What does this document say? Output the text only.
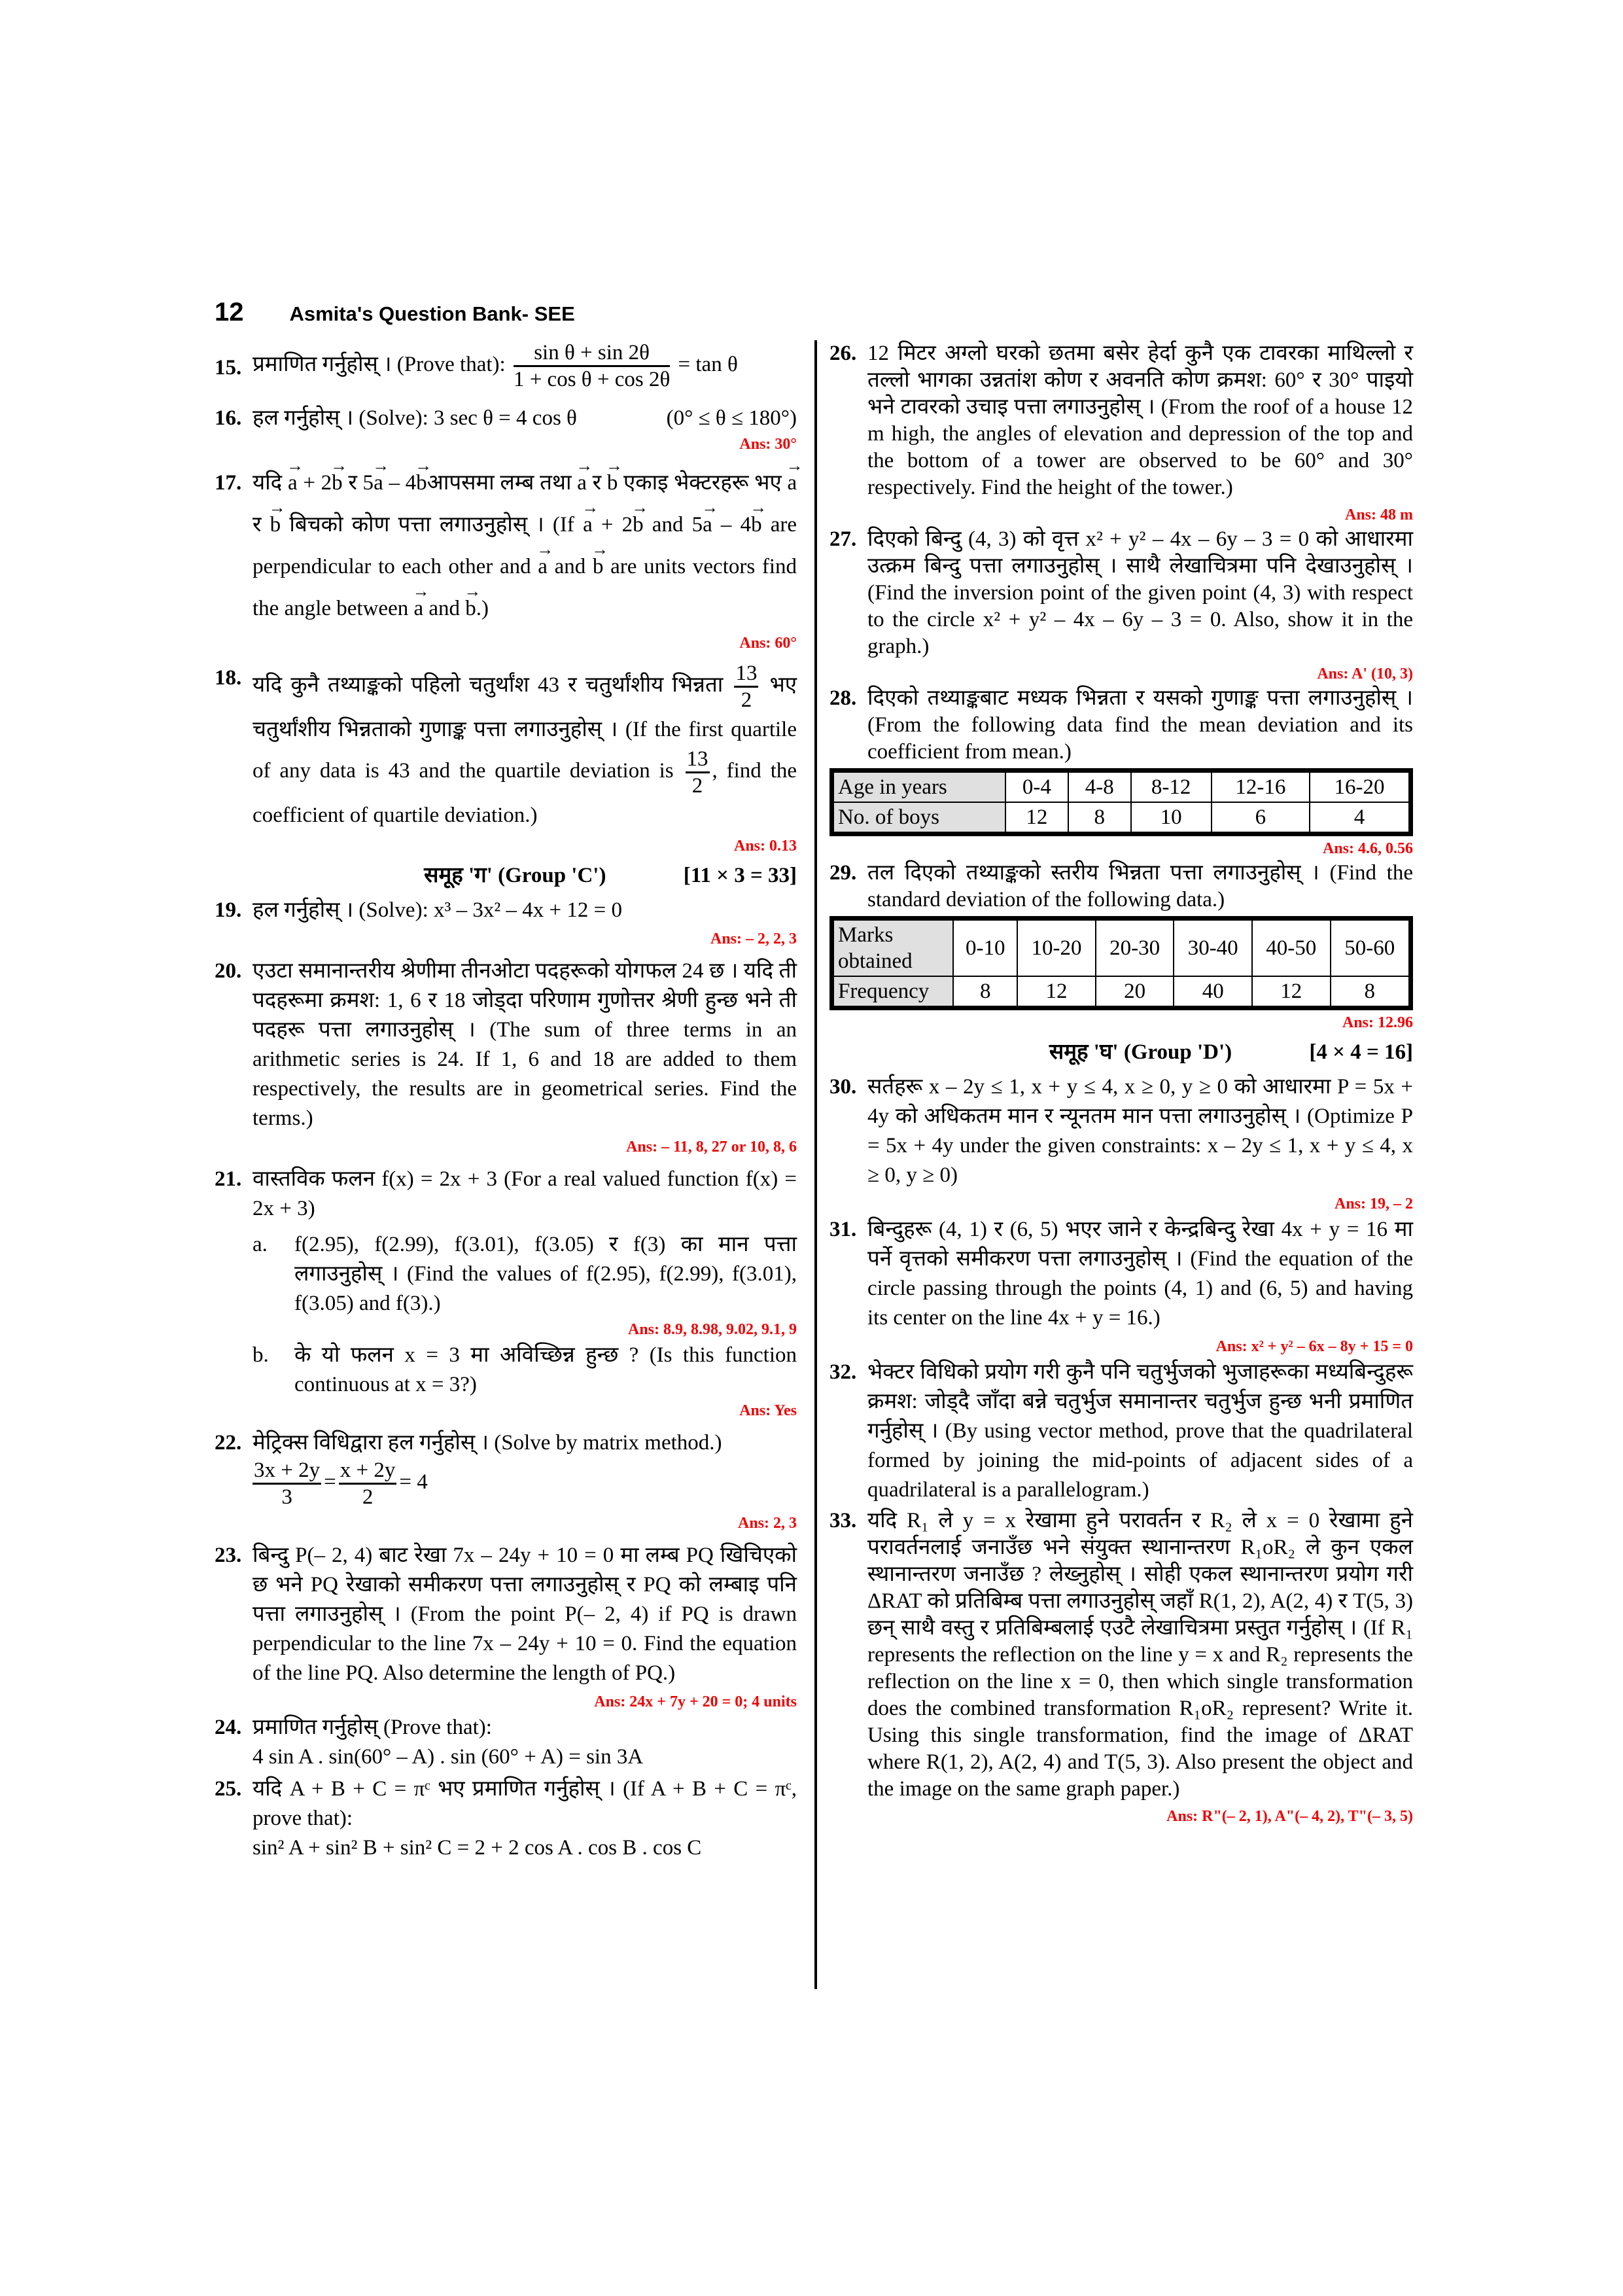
12 Asmita's Question Bank- SEE
15. प्रमाणित गर्नुहोस् । (Prove that): $\frac{\text{sin θ + sin 2θ}}{\text{1 + cos θ + cos 2θ}} = \tan \theta$
16. हल गर्नुहोस् । (Solve): 3 sec θ = 4 cos θ	(0° ≤ θ ≤ 180°)
Ans: 30°
17. यदि → a + 2→ b र 5→ a – 4→ bआपसमा लम्ब तथा → a र → b एकाइ भेक्टरहरू भए → a र → b बिचको कोण पत्ता लगाउनुहोस् । (If → a + 2→ b and 5→ a – 4→ b are perpendicular to each other and → a and → b are units vectors find the angle between → a and → b.)
Ans: 60°
18. यदि कुनै तथ्याङ्कको पहिलो चतुर्थांश 43 र चतुर्थांशीय भिन्नता $\frac{13}{2}$ भए चतुर्थांशीय भिन्नताको गुणाङ्क पत्ता लगाउनुहोस् । (If the first quartile of any data is 43 and the quartile deviation is $\frac{13}{2}$ , find the coefficient of quartile deviation.)
Ans: 0.13
समूह 'ग' (Group 'C')	[11 × 3 = 33]
19. हल गर्नुहोस् । (Solve): x³ – 3x² – 4x + 12 = 0
Ans: – 2, 2, 3
20. एउटा समानान्तरीय श्रेणीमा तीनओटा पदहरूको योगफल 24 छ । यदि ती पदहरूमा क्रमश: 1, 6 र 18 जोड्दा परिणाम गुणोत्तर श्रेणी हुन्छ भने ती पदहरू पत्ता लगाउनुहोस् । (The sum of three terms in an arithmetic series is 24. If 1, 6 and 18 are added to them respectively, the results are in geometrical series. Find the terms.)
Ans: – 11, 8, 27 or 10, 8, 6
21. वास्तविक फलन f(x) = 2x + 3 (For a real valued function f(x) = 2x + 3)
a. f(2.95), f(2.99), f(3.01), f(3.05) र f(3) का मान पत्ता लगाउनुहोस् । (Find the values of f(2.95), f(2.99), f(3.01), f(3.05) and f(3).)
Ans: 8.9, 8.98, 9.02, 9.1, 9
b. के यो फलन x = 3 मा अविच्छिन्न हुन्छ ? (Is this function continuous at x = 3?)
Ans: Yes
22. मेट्रिक्स विधिद्वारा हल गर्नुहोस् । (Solve by matrix method.)

$\frac{3x + 2y}{3} = \frac{x + 2y}{2} = 4$
Ans: 2, 3
23. बिन्दु P(– 2, 4) बाट रेखा 7x – 24y + 10 = 0 मा लम्ब PQ खिचिएको छ भने PQ रेखाको समीकरण पत्ता लगाउनुहोस् र PQ को लम्बाइ पनि पत्ता लगाउनुहोस् । (From the point P(– 2, 4) if PQ is drawn perpendicular to the line 7x – 24y + 10 = 0. Find the equation of the line PQ. Also determine the length of PQ.)
Ans: 24x + 7y + 20 = 0; 4 units
24. प्रमाणित गर्नुहोस् (Prove that):
4 sin A . sin(60° – A) . sin (60° + A) = sin 3A
25. यदि A + B + C = πᶜ भए प्रमाणित गर्नुहोस् । (If A + B + C = πᶜ, prove that):
sin² A + sin² B + sin² C = 2 + 2 cos A . cos B . cos C
26. 12 मिटर अग्लो घरको छतमा बसेर हेर्दा कुनै एक टावरका माथिल्लो र तल्लो भागका उन्नतांश कोण र अवनति कोण क्रमश: 60° र 30° पाइयो भने टावरको उचाइ पत्ता लगाउनुहोस् । (From the roof of a house 12 m high, the angles of elevation and depression of the top and the bottom of a tower are observed to be 60° and 30° respectively. Find the height of the tower.)
Ans: 48 m
27. दिएको बिन्दु (4, 3) को वृत्त x² + y² – 4x – 6y – 3 = 0 को आधारमा उत्क्रम बिन्दु पत्ता लगाउनुहोस् । साथै लेखाचित्रमा पनि देखाउनुहोस् । (Find the inversion point of the given point (4, 3) with respect to the circle x² + y² – 4x – 6y – 3 = 0. Also, show it in the graph.)
Ans: A' (10, 3)
28. दिएको तथ्याङ्कबाट मध्यक भिन्नता र यसको गुणाङ्क पत्ता लगाउनुहोस् । (From the following data find the mean deviation and its coefficient from mean.)
Age in years	0-4	4-8	8-12	12-16	16-20
No. of boys	12	8	10	6	4
Ans: 4.6, 0.56
29. तल दिएको तथ्याङ्कको स्तरीय भिन्नता पत्ता लगाउनुहोस् । (Find the standard deviation of the following data.)
Marks obtained	0-10	10-20	20-30	30-40	40-50	50-60
Frequency	8	12	20	40	12	8
Ans: 12.96
समूह 'घ' (Group 'D')	[4 × 4 = 16]
30. सर्तहरू x – 2y ≤ 1, x + y ≤ 4, x ≥ 0, y ≥ 0 को आधारमा P = 5x + 4y को अधिकतम मान र न्यूनतम मान पत्ता लगाउनुहोस् । (Optimize P = 5x + 4y under the given constraints: x – 2y ≤ 1, x + y ≤ 4, x ≥ 0, y ≥ 0)
Ans: 19, – 2
31. बिन्दुहरू (4, 1) र (6, 5) भएर जाने र केन्द्रबिन्दु रेखा 4x + y = 16 मा पर्ने वृत्तको समीकरण पत्ता लगाउनुहोस् । (Find the equation of the circle passing through the points (4, 1) and (6, 5) and having its center on the line 4x + y = 16.)
Ans: x² + y² – 6x – 8y + 15 = 0
32. भेक्टर विधिको प्रयोग गरी कुनै पनि चतुर्भुजको भुजाहरूका मध्यबिन्दुहरू क्रमश: जोड्दै जाँदा बन्ने चतुर्भुज समानान्तर चतुर्भुज हुन्छ भनी प्रमाणित गर्नुहोस् । (By using vector method, prove that the quadrilateral formed by joining the mid-points of adjacent sides of a quadrilateral is a parallelogram.)
33. यदि R₁ ले y = x रेखामा हुने परावर्तन र R₂ ले x = 0 रेखामा हुने परावर्तनलाई जनाउँछ भने संयुक्त स्थानान्तरण R₁oR₂ ले कुन एकल स्थानान्तरण जनाउँछ ? लेख्नुहोस् । सोही एकल स्थानान्तरण प्रयोग गरी ΔRAT को प्रतिबिम्ब पत्ता लगाउनुहोस् जहाँ R(1, 2), A(2, 4) र T(5, 3) छन् साथै वस्तु र प्रतिबिम्बलाई एउटै लेखाचित्रमा प्रस्तुत गर्नुहोस् । (If R₁ represents the reflection on the line y = x and R₂ represents the reflection on the line x = 0, then which single transformation does the combined transformation R₁oR₂ represent? Write it. Using this single transformation, find the image of ΔRAT where R(1, 2), A(2, 4) and T(5, 3). Also present the object and the image on the same graph paper.)
Ans: R"(– 2, 1), A"(– 4, 2), T"(– 3, 5)
